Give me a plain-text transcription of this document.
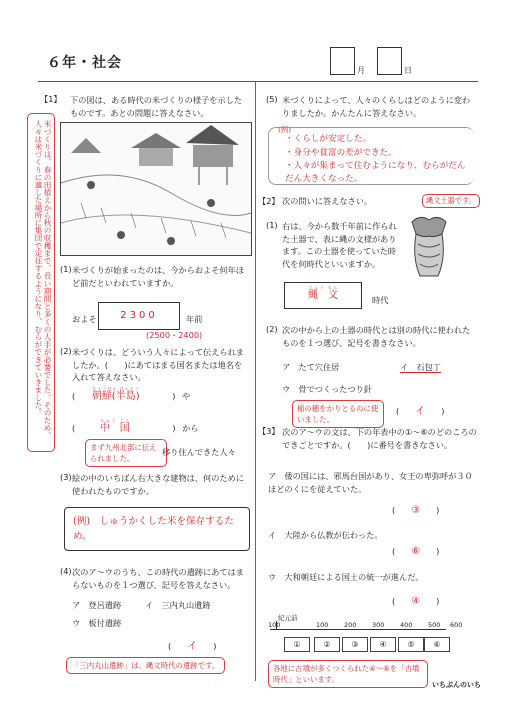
６年・社会	月	日
米づくりは、春の田植えから秋の収穫まで、長い期間と多くの人手が必要でした。そのため、人々は米づくりに適した場所に集団で定住するようになり、むらができていきました。
【1】 下の図は、ある時代の米づくりの様子を示したものです。あとの問題に答えなさい。
(1) 米づくりが始まったのは、今からおよそ何年ほど前だといわれていますか。
およそ	2300	年前
(2500・2400)
(2) 米づくりは、どういう人々によって伝えられましたか。(　　)にあてはまる国名または地名を入れて答えなさい。
( 朝鮮(半島)ちょうせん はんとう ) や
( 中　国ちゅう ごく ) から
まず九州北部に伝えられました。
移り住んできた人々
(3) 絵の中のいちばん右大きな建物は、何のために使われたものですか。
(例)　しゅうかくした米を保存するため。
(4) 次のア〜ウのうち、この時代の遺跡にあてはまらないものを１つ選び、記号を答えなさい。
ア　登呂遺跡	イ　三内丸山遺跡
ウ　板付遺跡
( イ )
「三内丸山遺跡」は、縄文時代の遺跡です。
(5) 米づくりによって、人々のくらしはどのように変わりましたか。かんたんに答えなさい。
(例)
・くらしが安定した。
・身分や貧富の差ができた。
・人々が集まって住むようになり、むらがだんだん大きくなった。
【2】 次の問いに答えなさい。	縄文土器です。
(1) 右は、今から数千年前に作られた土器で、表に縄の文様があります。この土器を使っていた時代を何時代といいますか。
縄　文じょう もん
時代
(2) 次の中から上の土器の時代とは別の時代に使われたものを１つ選び、記号を書きなさい。
ア　たて穴住居	イ　石包丁
ウ　骨でつくったつり針
稲の穂をかりとるのに使いました。
( イ )
【3】 次のア〜ウの文は、下の年表中の①〜⑥のどのころのできごとですか。(　　)に番号を書きなさい。
ア　倭の国には、邪馬台国があり、女王の卑弥呼が３０ほどのくにを従えていた。
( ③ )
イ　大陸から仏教が伝わった。
( ⑥ )
ウ　大和朝廷による国土の統一が進んだ。
( ④ )
紀元前
100
①
100
②
200
③
300
④
400
⑤
500
⑥
600
各地に古墳が多くつくられた④〜⑥を「古墳時代」といいます。
いちぷんのいち
